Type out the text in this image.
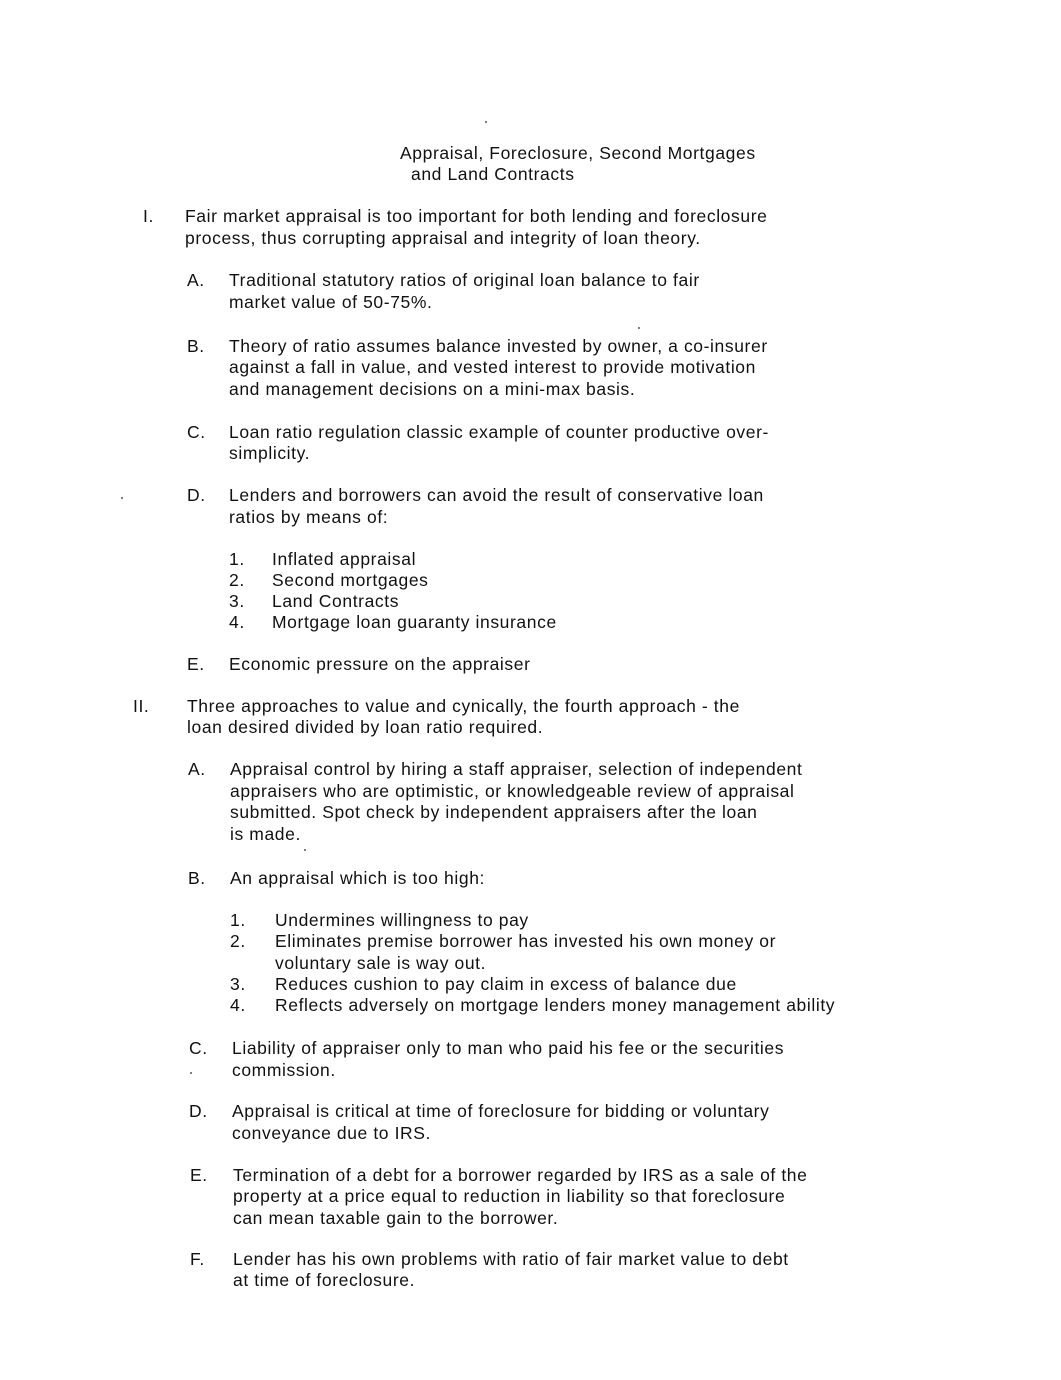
Appraisal, Foreclosure, Second Mortgages
and Land Contracts
I. Fair market appraisal is too important for both lending and foreclosure
process, thus corrupting appraisal and integrity of loan theory.
A. Traditional statutory ratios of original loan balance to fair
market value of 50-75%.
B. Theory of ratio assumes balance invested by owner, a co-insurer
against a fall in value, and vested interest to provide motivation
and management decisions on a mini-max basis.
C. Loan ratio regulation classic example of counter productive over-
simplicity.
D. Lenders and borrowers can avoid the result of conservative loan
ratios by means of:
1. Inflated appraisal
2. Second mortgages
3. Land Contracts
4. Mortgage loan guaranty insurance
E. Economic pressure on the appraiser
II. Three approaches to value and cynically, the fourth approach - the
loan desired divided by loan ratio required.
A. Appraisal control by hiring a staff appraiser, selection of independent
appraisers who are optimistic, or knowledgeable review of appraisal
submitted. Spot check by independent appraisers after the loan
is made.
B. An appraisal which is too high:
1. Undermines willingness to pay
2. Eliminates premise borrower has invested his own money or
voluntary sale is way out.
3. Reduces cushion to pay claim in excess of balance due
4. Reflects adversely on mortgage lenders money management ability
C. Liability of appraiser only to man who paid his fee or the securities
commission.
D. Appraisal is critical at time of foreclosure for bidding or voluntary
conveyance due to IRS.
E. Termination of a debt for a borrower regarded by IRS as a sale of the
property at a price equal to reduction in liability so that foreclosure
can mean taxable gain to the borrower.
F. Lender has his own problems with ratio of fair market value to debt
at time of foreclosure.
